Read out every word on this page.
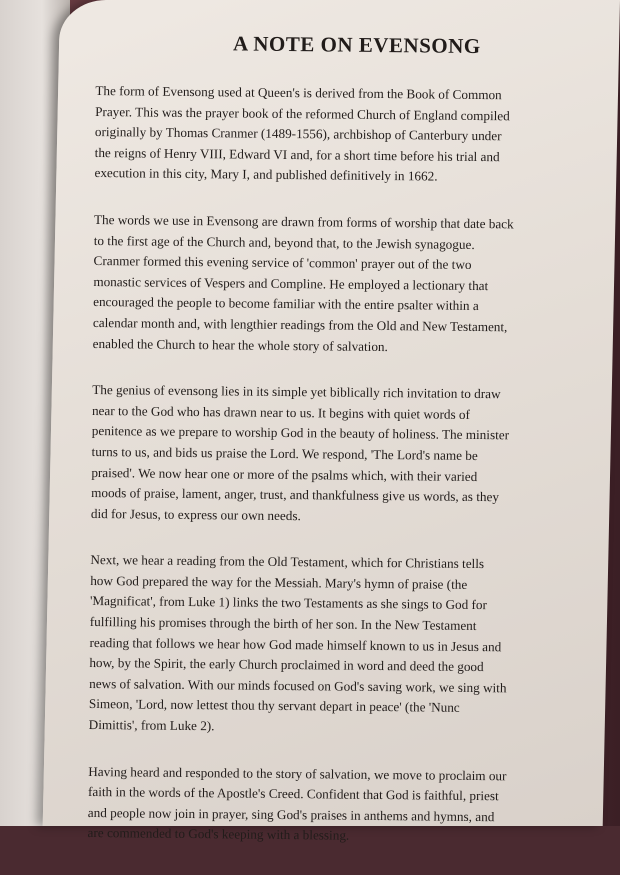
A NOTE ON EVENSONG
The form of Evensong used at Queen's is derived from the Book of Common
Prayer. This was the prayer book of the reformed Church of England compiled
originally by Thomas Cranmer (1489-1556), archbishop of Canterbury under
the reigns of Henry VIII, Edward VI and, for a short time before his trial and
execution in this city, Mary I, and published definitively in 1662.
The words we use in Evensong are drawn from forms of worship that date back
to the first age of the Church and, beyond that, to the Jewish synagogue.
Cranmer formed this evening service of 'common' prayer out of the two
monastic services of Vespers and Compline. He employed a lectionary that
encouraged the people to become familiar with the entire psalter within a
calendar month and, with lengthier readings from the Old and New Testament,
enabled the Church to hear the whole story of salvation.
The genius of evensong lies in its simple yet biblically rich invitation to draw
near to the God who has drawn near to us. It begins with quiet words of
penitence as we prepare to worship God in the beauty of holiness. The minister
turns to us, and bids us praise the Lord. We respond, 'The Lord's name be
praised'. We now hear one or more of the psalms which, with their varied
moods of praise, lament, anger, trust, and thankfulness give us words, as they
did for Jesus, to express our own needs.
Next, we hear a reading from the Old Testament, which for Christians tells
how God prepared the way for the Messiah. Mary's hymn of praise (the
'Magnificat', from Luke 1) links the two Testaments as she sings to God for
fulfilling his promises through the birth of her son. In the New Testament
reading that follows we hear how God made himself known to us in Jesus and
how, by the Spirit, the early Church proclaimed in word and deed the good
news of salvation. With our minds focused on God's saving work, we sing with
Simeon, 'Lord, now lettest thou thy servant depart in peace' (the 'Nunc
Dimittis', from Luke 2).
Having heard and responded to the story of salvation, we move to proclaim our
faith in the words of the Apostle's Creed. Confident that God is faithful, priest
and people now join in prayer, sing God's praises in anthems and hymns, and
are commended to God's keeping with a blessing.
